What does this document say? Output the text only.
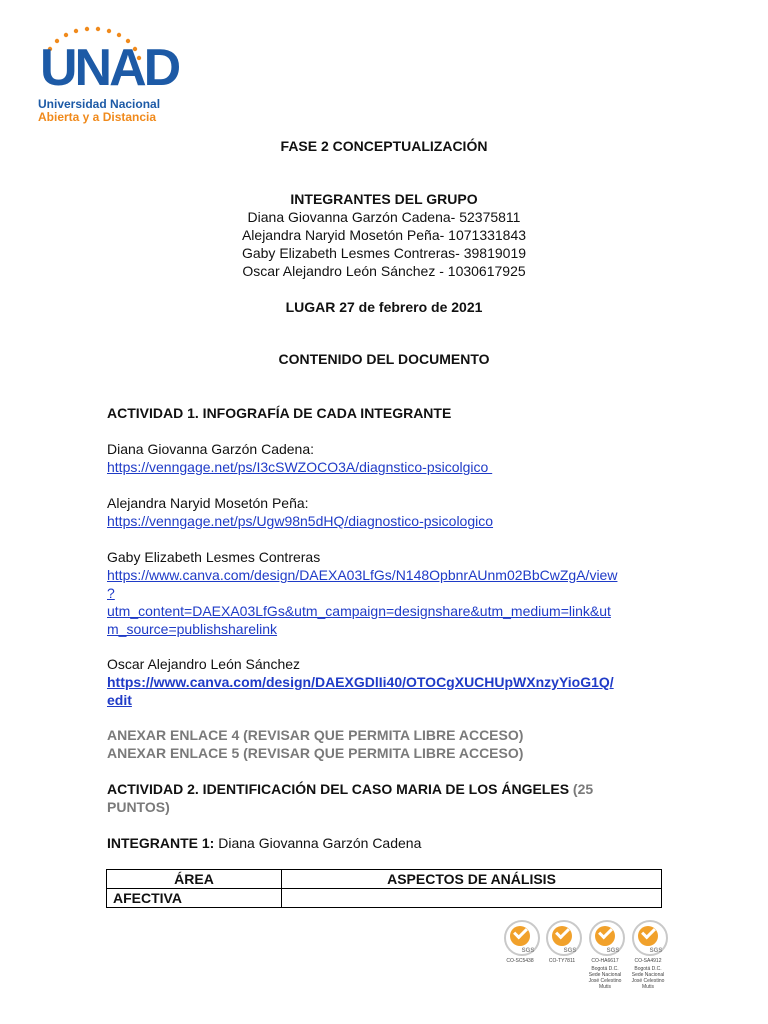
UNAD
Universidad Nacional
Abierta y a Distancia
FASE 2 CONCEPTUALIZACIÓN
INTEGRANTES DEL GRUPO
Diana Giovanna Garzón Cadena- 52375811
Alejandra Naryid Mosetón Peña- 1071331843
Gaby Elizabeth Lesmes Contreras- 39819019
Oscar Alejandro León Sánchez - 1030617925
LUGAR 27 de febrero de 2021
CONTENIDO DEL DOCUMENTO
ACTIVIDAD 1. INFOGRAFÍA DE CADA INTEGRANTE
Diana Giovanna Garzón Cadena:
https://venngage.net/ps/I3cSWZOCO3A/diagnstico-psicolgico
Alejandra Naryid Mosetón Peña:
https://venngage.net/ps/Ugw98n5dHQ/diagnostico-psicologico
Gaby Elizabeth Lesmes Contreras
https://www.canva.com/design/DAEXA03LfGs/N148OpbnrAUnm02BbCwZgA/view
?
utm_content=DAEXA03LfGs&utm_campaign=designshare&utm_medium=link&ut
m_source=publishsharelink
Oscar Alejandro León Sánchez
https://www.canva.com/design/DAEXGDlIi40/OTOCgXUCHUpWXnzyYioG1Q/
edit
ANEXAR ENLACE 4 (REVISAR QUE PERMITA LIBRE ACCESO)
ANEXAR ENLACE 5 (REVISAR QUE PERMITA LIBRE ACCESO)
ACTIVIDAD 2. IDENTIFICACIÓN DEL CASO MARIA DE LOS ÁNGELES (25
PUNTOS)
INTEGRANTE 1: Diana Giovanna Garzón Cadena
ÁREA	ASPECTOS DE ANÁLISIS
AFECTIVA	
SGS	SGS	SGS	SGS
CO-SC5438	CO-TY7811	CO-HA6617	CO-SA4912
Bogotá D.C.
Sede Nacional
José Celestino Mutis
Bogotá D.C.
Sede Nacional
José Celestino Mutis
